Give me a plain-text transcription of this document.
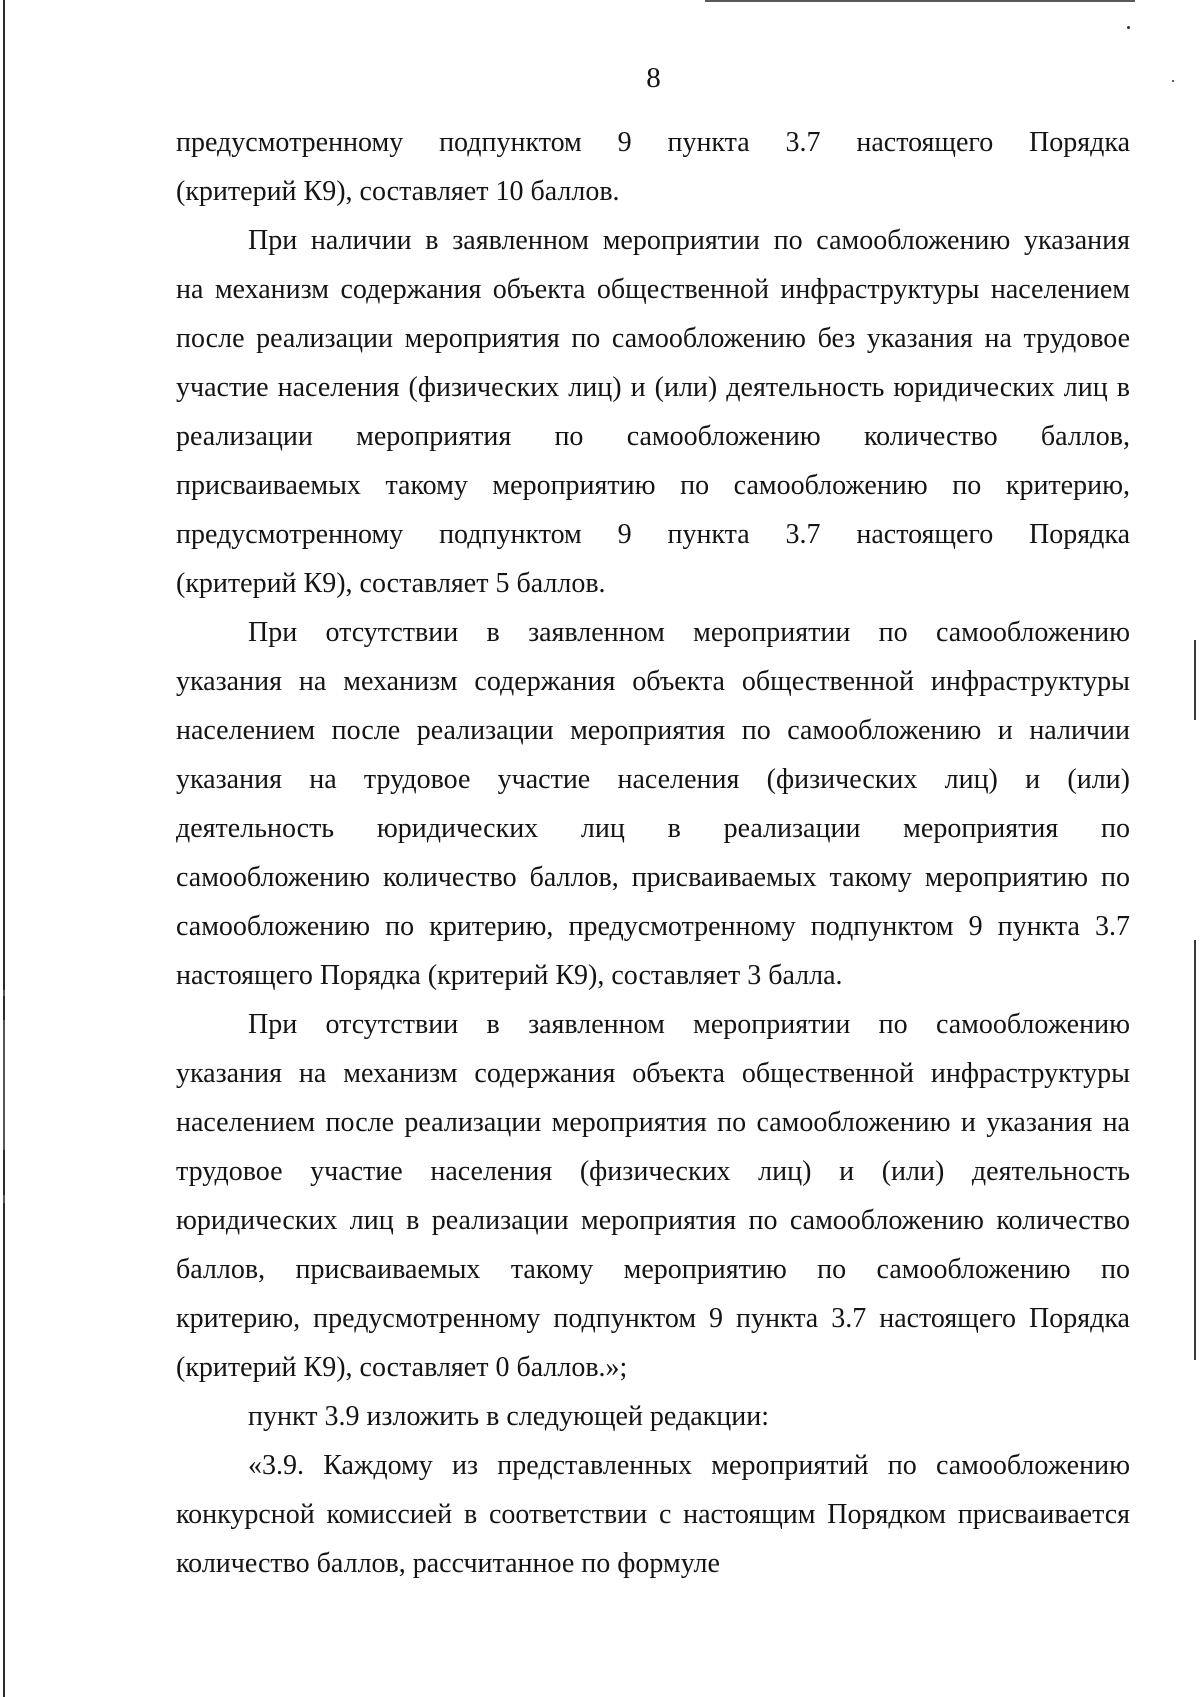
8

предусмотренному подпунктом 9 пункта 3.7 настоящего Порядка
(критерий К9), составляет 10 баллов.

При наличии в заявленном мероприятии по самообложению указания
на механизм содержания объекта общественной инфраструктуры населением
после реализации мероприятия по самообложению без указания на трудовое
участие населения (физических лиц) и (или) деятельность юридических лиц в
реализации мероприятия по самообложению количество баллов,
присваиваемых такому мероприятию по самообложению по критерию,
предусмотренному подпунктом 9 пункта 3.7 настоящего Порядка
(критерий К9), составляет 5 баллов.

При отсутствии в заявленном мероприятии по самообложению
указания на механизм содержания объекта общественной инфраструктуры
населением после реализации мероприятия по самообложению и наличии
указания на трудовое участие населения (физических лиц) и (или)
деятельность юридических лиц в реализации мероприятия по
самообложению количество баллов, присваиваемых такому мероприятию по
самообложению по критерию, предусмотренному подпунктом 9 пункта 3.7
настоящего Порядка (критерий К9), составляет 3 балла.

При отсутствии в заявленном мероприятии по самообложению
указания на механизм содержания объекта общественной инфраструктуры
населением после реализации мероприятия по самообложению и указания на
трудовое участие населения (физических лиц) и (или) деятельность
юридических лиц в реализации мероприятия по самообложению количество
баллов, присваиваемых такому мероприятию по самообложению по
критерию, предусмотренному подпунктом 9 пункта 3.7 настоящего Порядка
(критерий К9), составляет 0 баллов.»;

пункт 3.9 изложить в следующей редакции:

«3.9. Каждому из представленных мероприятий по самообложению
конкурсной комиссией в соответствии с настоящим Порядком присваивается
количество баллов, рассчитанное по формуле
